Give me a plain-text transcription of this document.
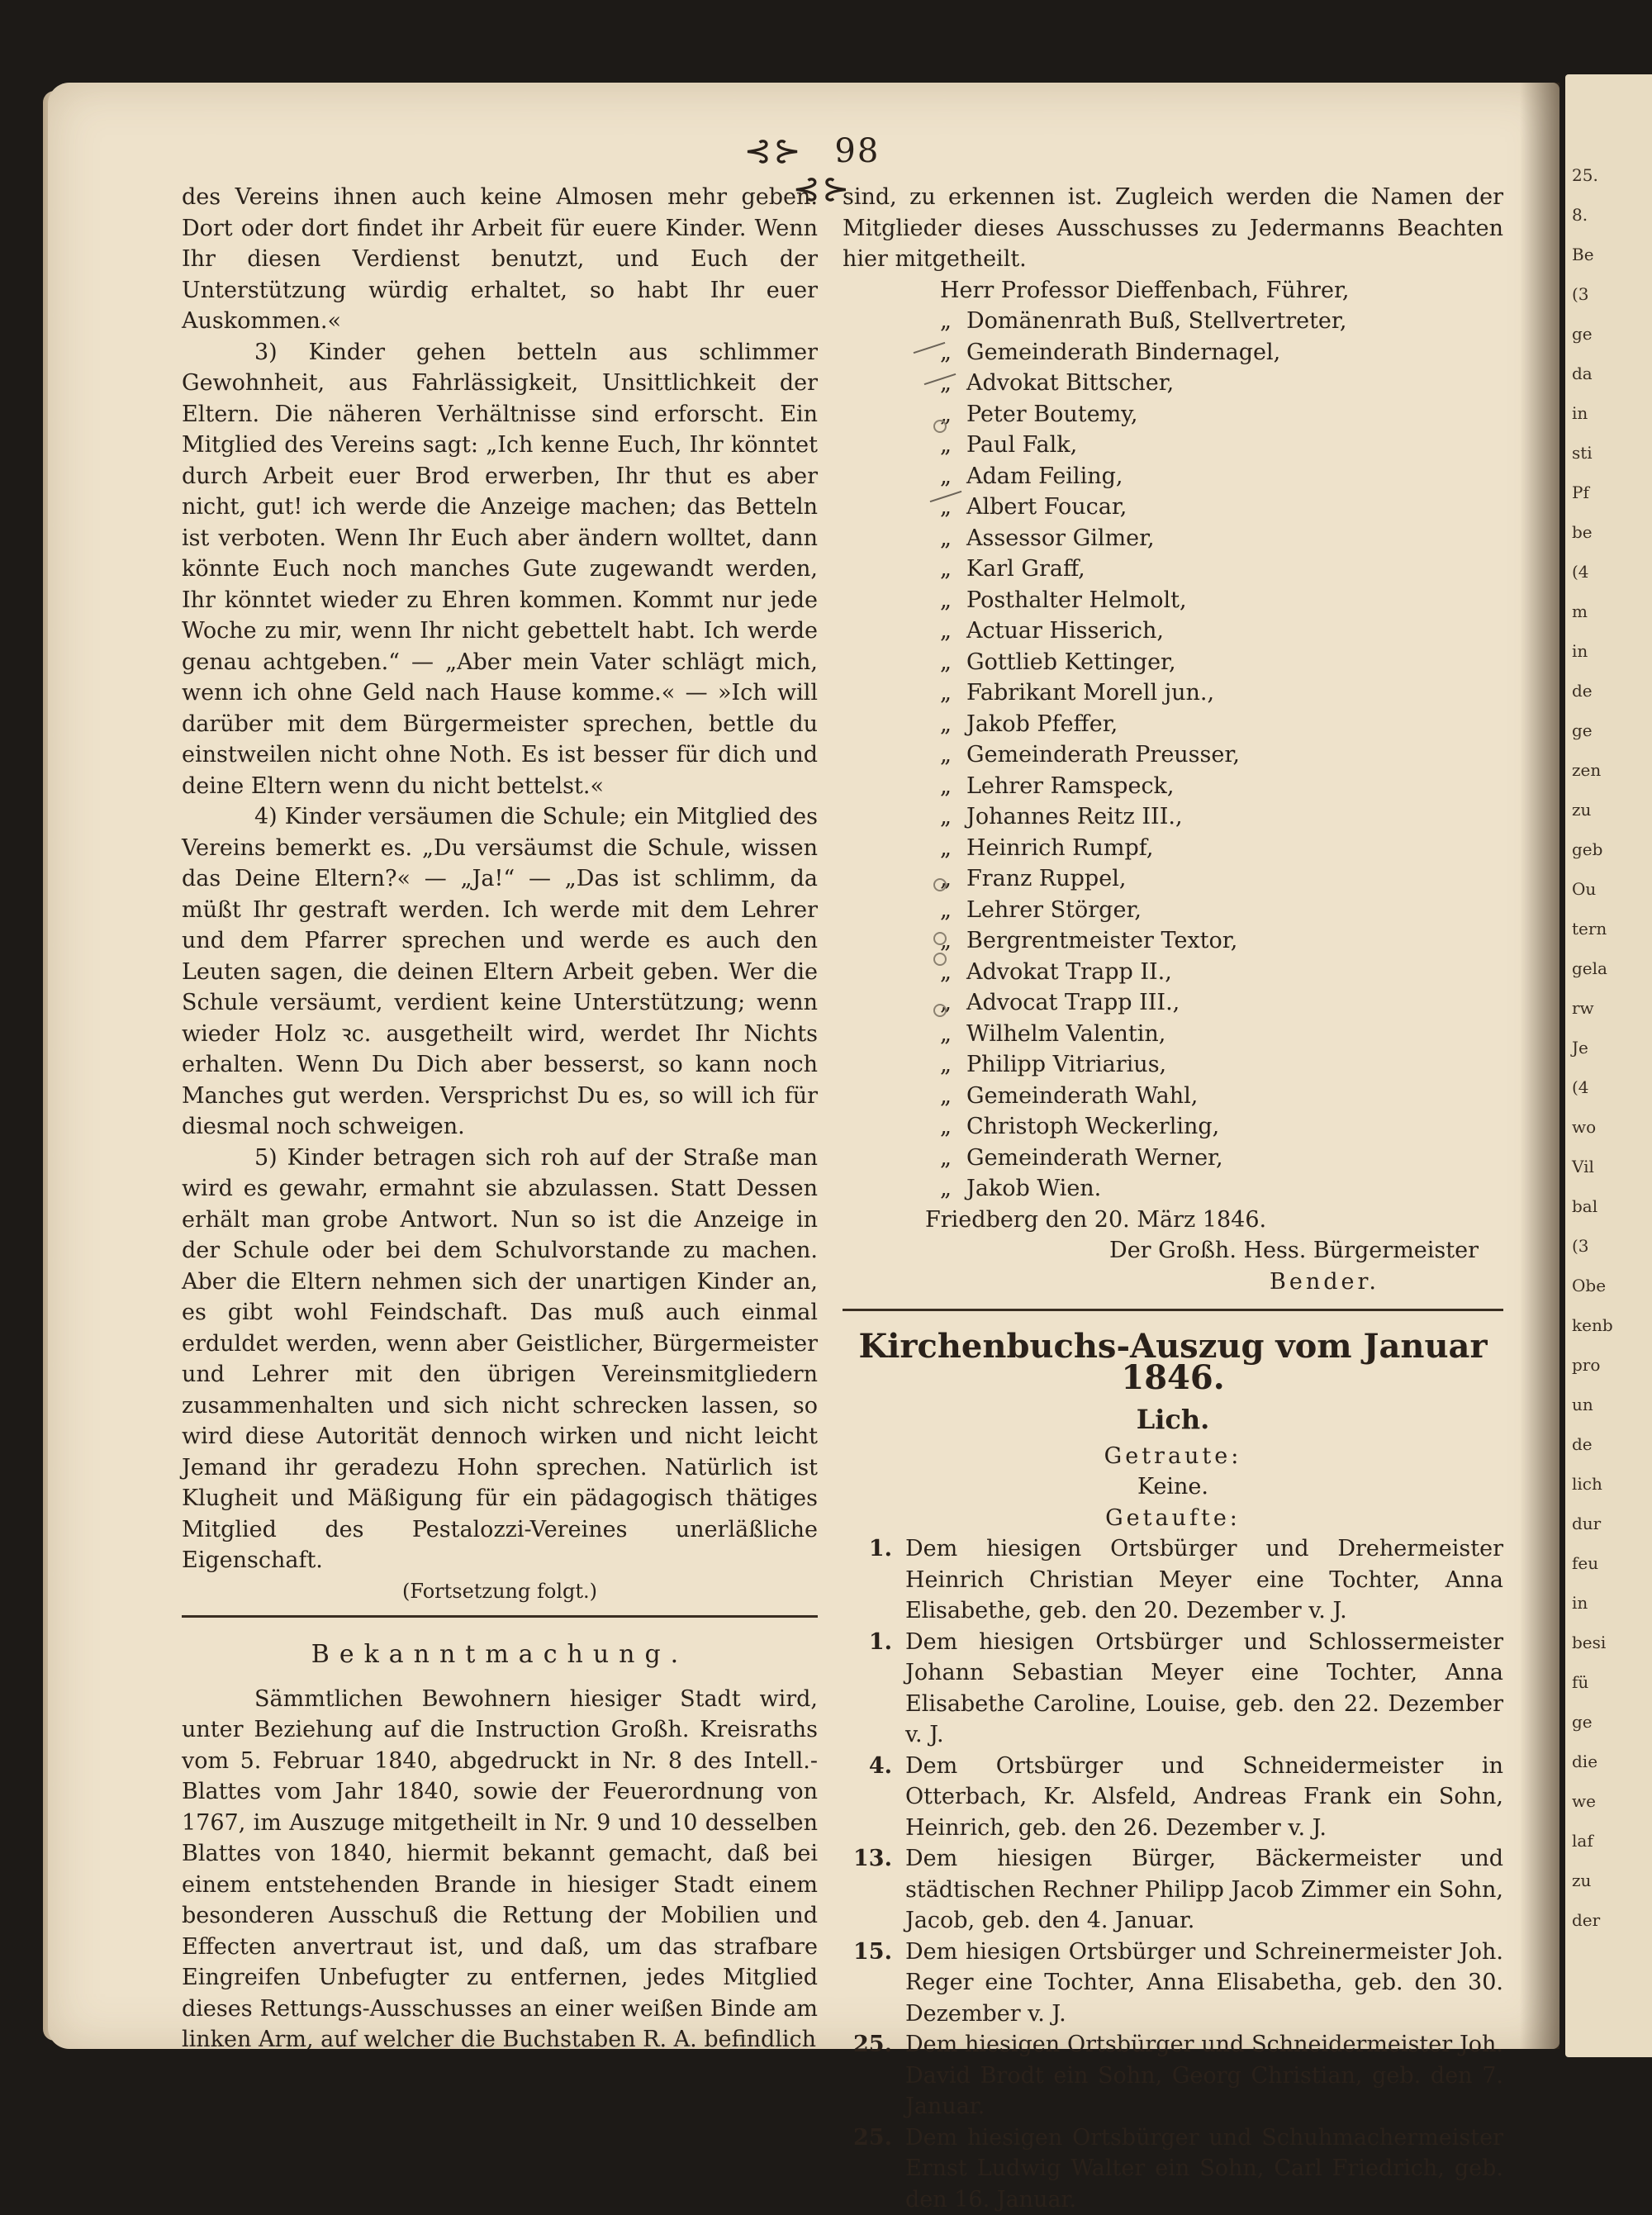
25.
8.
Be
(3
ge
da
in
sti
Pf
be
(4
m
in
de
ge
zen
zu
geb
Ou
tern
gela
rw
Je
(4
wo
Vil
bal
(3
Obe
kenb
pro
un
de
lich
dur
feu
in
besi
fü
ge
die
we
laf
zu
der
⊰⊱ 98 ⊰⊱

des Vereins ihnen auch keine Almosen mehr geben. Dort oder dort findet ihr Arbeit für euere Kinder. Wenn Ihr diesen Verdienst benutzt, und Euch der Unterstützung würdig erhaltet, so habt Ihr euer Auskommen.«

3) Kinder gehen betteln aus schlimmer Gewohnheit, aus Fahrlässigkeit, Unsittlichkeit der Eltern. Die näheren Verhältnisse sind erforscht. Ein Mitglied des Vereins sagt: „Ich kenne Euch, Ihr könntet durch Arbeit euer Brod erwerben, Ihr thut es aber nicht, gut! ich werde die Anzeige machen; das Betteln ist verboten. Wenn Ihr Euch aber ändern wolltet, dann könnte Euch noch manches Gute zugewandt werden, Ihr könntet wieder zu Ehren kommen. Kommt nur jede Woche zu mir, wenn Ihr nicht gebettelt habt. Ich werde genau achtgeben.“ — „Aber mein Vater schlägt mich, wenn ich ohne Geld nach Hause komme.« — »Ich will darüber mit dem Bürgermeister sprechen, bettle du einstweilen nicht ohne Noth. Es ist besser für dich und deine Eltern wenn du nicht bettelst.«

4) Kinder versäumen die Schule; ein Mitglied des Vereins bemerkt es. „Du versäumst die Schule, wissen das Deine Eltern?« — „Ja!“ — „Das ist schlimm, da müßt Ihr gestraft werden. Ich werde mit dem Lehrer und dem Pfarrer sprechen und werde es auch den Leuten sagen, die deinen Eltern Arbeit geben. Wer die Schule versäumt, verdient keine Unterstützung; wenn wieder Holz ꝛc. ausgetheilt wird, werdet Ihr Nichts erhalten. Wenn Du Dich aber besserst, so kann noch Manches gut werden. Versprichst Du es, so will ich für diesmal noch schweigen.

5) Kinder betragen sich roh auf der Straße man wird es gewahr, ermahnt sie abzulassen. Statt Dessen erhält man grobe Antwort. Nun so ist die Anzeige in der Schule oder bei dem Schulvorstande zu machen. Aber die Eltern nehmen sich der unartigen Kinder an, es gibt wohl Feindschaft. Das muß auch einmal erduldet werden, wenn aber Geistlicher, Bürgermeister und Lehrer mit den übrigen Vereinsmitgliedern zusammenhalten und sich nicht schrecken lassen, so wird diese Autorität dennoch wirken und nicht leicht Jemand ihr geradezu Hohn sprechen. Natürlich ist Klugheit und Mäßigung für ein pädagogisch thätiges Mitglied des Pestalozzi-Vereines unerläßliche Eigenschaft.

(Fortsetzung folgt.)

Bekanntmachung.

Sämmtlichen Bewohnern hiesiger Stadt wird, unter Beziehung auf die Instruction Großh. Kreisraths vom 5. Februar 1840, abgedruckt in Nr. 8 des Intell.-Blattes vom Jahr 1840, sowie der Feuerordnung von 1767, im Auszuge mitgetheilt in Nr. 9 und 10 desselben Blattes von 1840, hiermit bekannt gemacht, daß bei einem entstehenden Brande in hiesiger Stadt einem besonderen Ausschuß die Rettung der Mobilien und Effecten anvertraut ist, und daß, um das strafbare Eingreifen Unbefugter zu entfernen, jedes Mitglied dieses Rettungs-Ausschusses an einer weißen Binde am linken Arm, auf welcher die Buchstaben R. A. befindlich

sind, zu erkennen ist. Zugleich werden die Namen der Mitglieder dieses Ausschusses zu Jedermanns Beachten hier mitgetheilt.

Herr Professor Dieffenbach, Führer,
„ Domänenrath Buß, Stellvertreter,
„ Gemeinderath Bindernagel,
„ Advokat Bittscher,
„ Peter Boutemy,
„ Paul Falk,
„ Adam Feiling,
„ Albert Foucar,
„ Assessor Gilmer,
„ Karl Graff,
„ Posthalter Helmolt,
„ Actuar Hisserich,
„ Gottlieb Kettinger,
„ Fabrikant Morell jun.,
„ Jakob Pfeffer,
„ Gemeinderath Preusser,
„ Lehrer Ramspeck,
„ Johannes Reitz III.,
„ Heinrich Rumpf,
„ Franz Ruppel,
„ Lehrer Störger,
„ Bergrentmeister Textor,
„ Advokat Trapp II.,
„ Advocat Trapp III.,
„ Wilhelm Valentin,
„ Philipp Vitriarius,
„ Gemeinderath Wahl,
„ Christoph Weckerling,
„ Gemeinderath Werner,
„ Jakob Wien.
Friedberg den 20. März 1846.
Der Großh. Hess. Bürgermeister
Bender.
Kirchenbuchs-Auszug vom Januar 1846.
Lich.
Getraute:
Keine.
Getaufte:
1. Dem hiesigen Ortsbürger und Drehermeister Heinrich Christian Meyer eine Tochter, Anna Elisabethe, geb. den 20. Dezember v. J.
1. Dem hiesigen Ortsbürger und Schlossermeister Johann Sebastian Meyer eine Tochter, Anna Elisabethe Caroline, Louise, geb. den 22. Dezember v. J.
4. Dem Ortsbürger und Schneidermeister in Otterbach, Kr. Alsfeld, Andreas Frank ein Sohn, Heinrich, geb. den 26. Dezember v. J.
13. Dem hiesigen Bürger, Bäckermeister und städtischen Rechner Philipp Jacob Zimmer ein Sohn, Jacob, geb. den 4. Januar.
15. Dem hiesigen Ortsbürger und Schreinermeister Joh. Reger eine Tochter, Anna Elisabetha, geb. den 30. Dezember v. J.
25. Dem hiesigen Ortsbürger und Schneidermeister Joh. David Brodt ein Sohn, Georg Christian, geb. den 7. Januar.
25. Dem hiesigen Ortsbürger und Schuhmachermeister Ernst Ludwig Walter ein Sohn, Carl Friedrich, geb. den 16. Januar.
